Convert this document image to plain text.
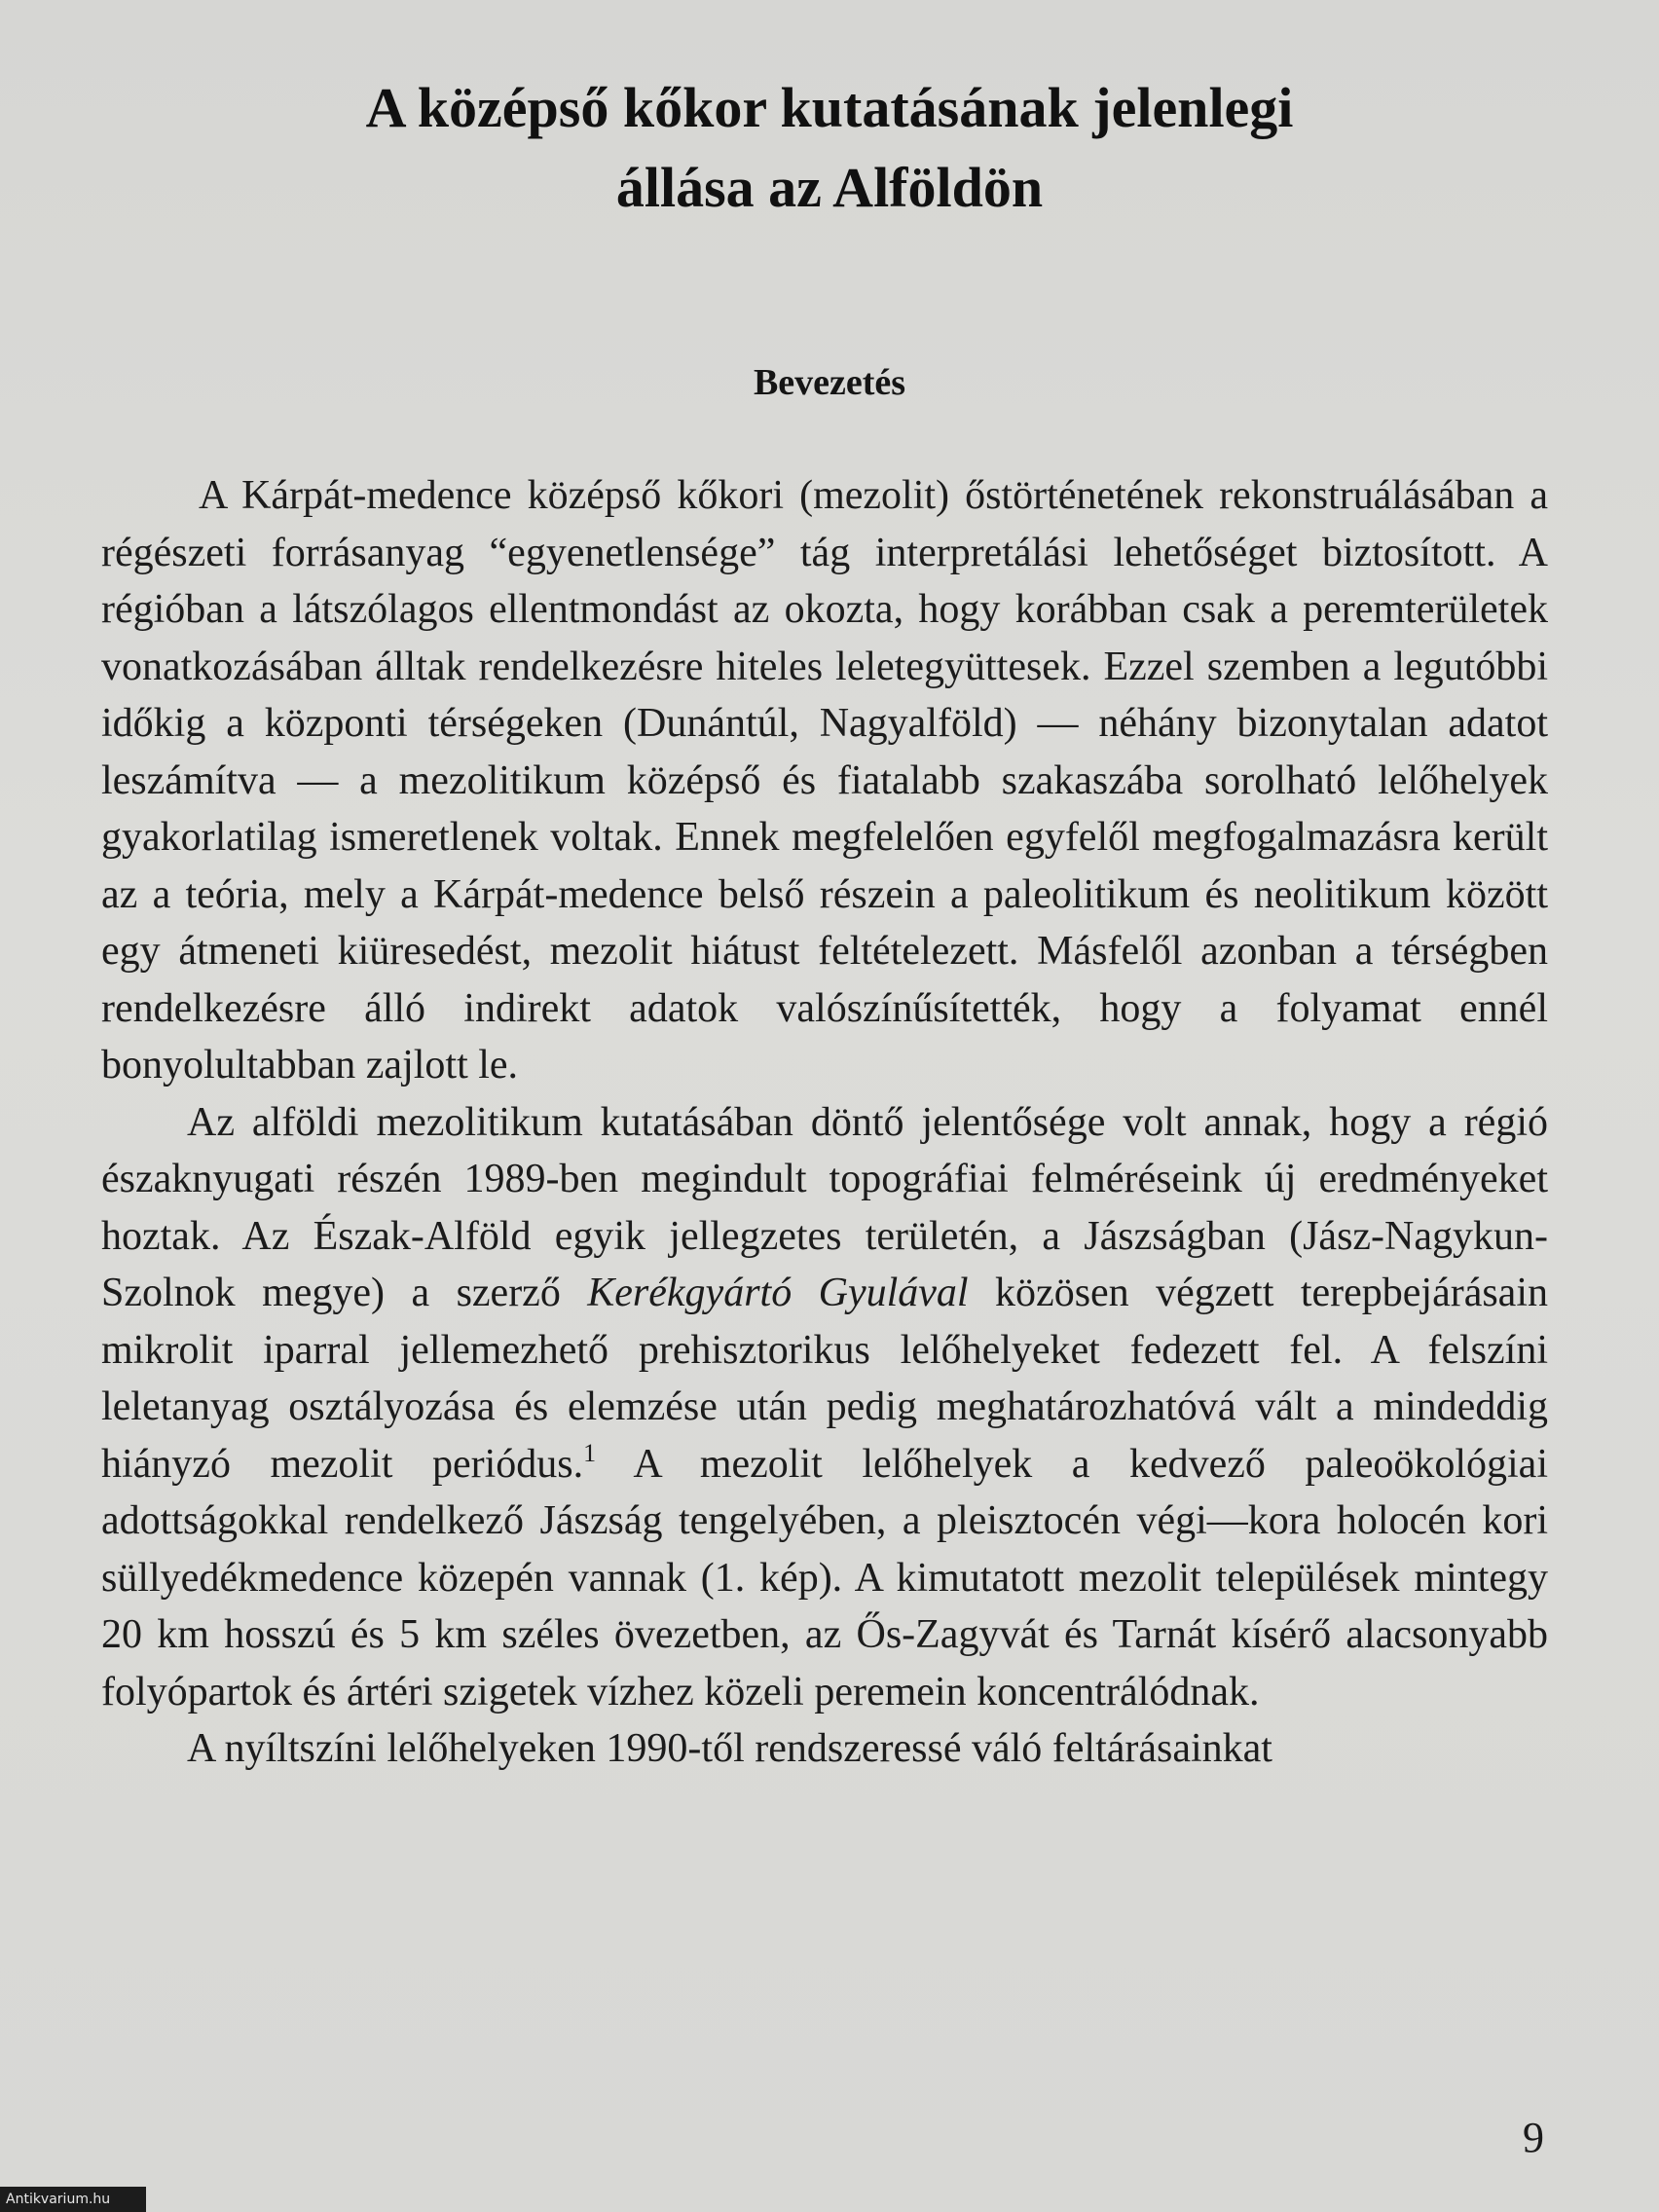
A középső kőkor kutatásának jelenlegi
állása az Alföldön
Bevezetés

A Kárpát-medence középső kőkori (mezolit) őstörténetének rekonstruálásában a régészeti forrásanyag “egyenetlensége” tág interpretálási lehetőséget biztosított. A régióban a látszólagos ellentmondást az okozta, hogy korábban csak a peremterületek vonatkozásában álltak rendelkezésre hiteles leletegyüttesek. Ezzel szemben a legutóbbi időkig a központi térségeken (Dunántúl, Nagyalföld) — néhány bizonytalan adatot leszámítva — a mezolitikum középső és fiatalabb szakaszába sorolható lelőhelyek gyakorlatilag ismeretlenek voltak. Ennek megfelelően egyfelől megfogalmazásra került az a teória, mely a Kárpát-medence belső részein a paleolitikum és neolitikum között egy átmeneti kiüresedést, mezolit hiátust feltételezett. Másfelől azonban a térségben rendelkezésre álló indirekt adatok valószínűsítették, hogy a folyamat ennél bonyolultabban zajlott le.

Az alföldi mezolitikum kutatásában döntő jelentősége volt annak, hogy a régió északnyugati részén 1989-ben megindult topográfiai felméréseink új eredményeket hoztak. Az Észak-Alföld egyik jellegzetes területén, a Jászságban (Jász-Nagykun-Szolnok megye) a szerző Kerékgyártó Gyulával közösen végzett terepbejárásain mikrolit iparral jellemezhető prehisztorikus lelőhelyeket fedezett fel. A felszíni leletanyag osztályozása és elemzése után pedig meghatározhatóvá vált a mindeddig hiányzó mezolit periódus.$^1$ A mezolit lelőhelyek a kedvező paleoökológiai adottságokkal rendelkező Jászság tengelyében, a pleisztocén végi—kora holocén kori süllyedékmedence közepén vannak (1. kép). A kimutatott mezolit települések mintegy 20 km hosszú és 5 km széles övezetben, az Ős-Zagyvát és Tarnát kísérő alacsonyabb folyópartok és ártéri szigetek vízhez közeli peremein koncentrálódnak.

A nyíltszíni lelőhelyeken 1990-től rendszeressé váló feltárásainkat

9
Antikvarium.hu
